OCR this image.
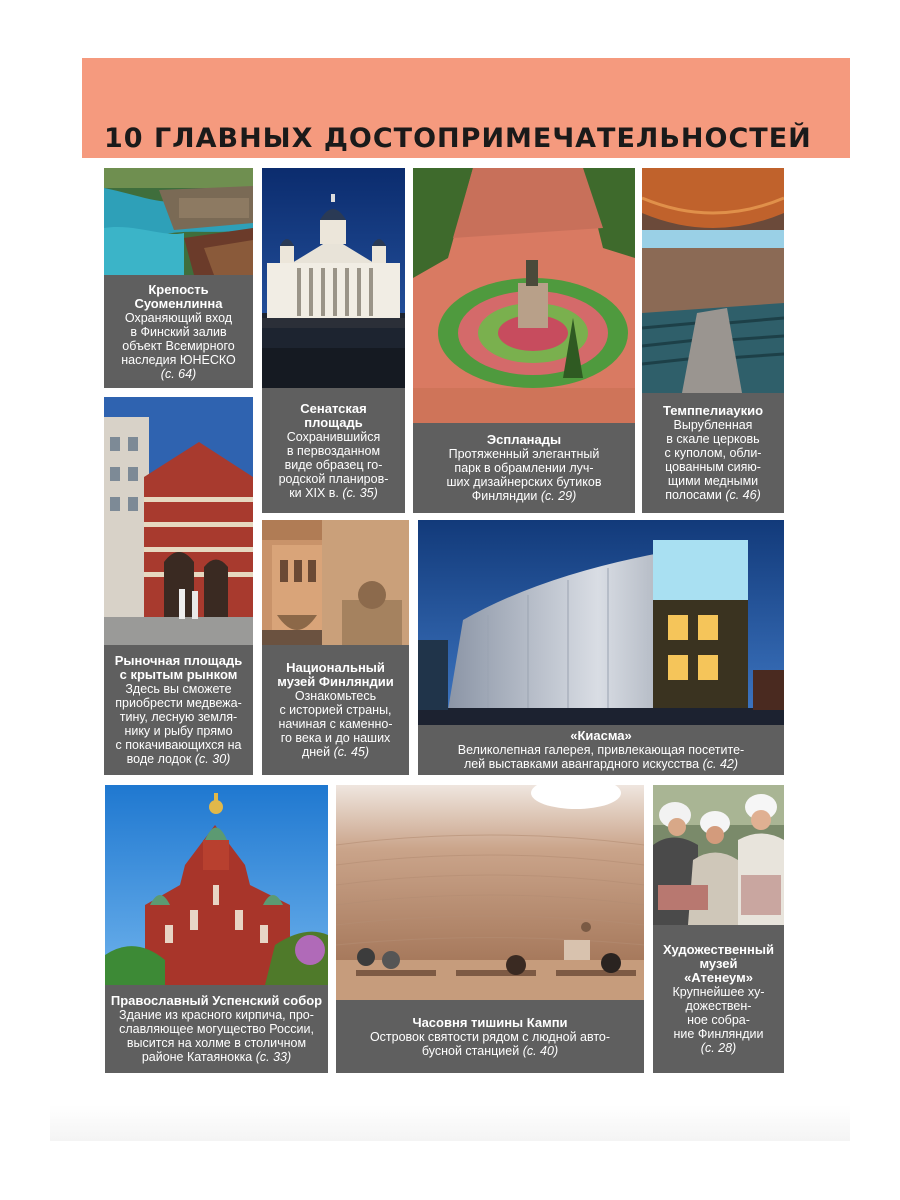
10 ГЛАВНЫХ ДОСТОПРИМЕЧАТЕЛЬНОСТЕЙ
Крепость
Суоменлинна
Охраняющий вход
в Финский залив
объект Всемирного
наследия ЮНЕСКО
(с. 64)
Сенатская
площадь
Сохранившийся
в первозданном
виде образец го-
родской планиров-
ки XIX в. (с. 35)
Эспланады
Протяженный элегантный
парк в обрамлении луч-
ших дизайнерских бутиков
Финляндии (с. 29)
Темппелиаукио
Вырубленная
в скале церковь
с куполом, обли-
цованным сияю-
щими медными
полосами (с. 46)
Рыночная площадь
с крытым рынком
Здесь вы сможете
приобрести медвежа-
тину, лесную земля-
нику и рыбу прямо
с покачивающихся на
воде лодок (с. 30)
Национальный
музей Финляндии
Ознакомьтесь
с историей страны,
начиная с каменно-
го века и до наших
дней (с. 45)
«Киасма»
Великолепная галерея, привлекающая посетите-
лей выставками авангардного искусства (с. 42)
Православный Успенский собор
Здание из красного кирпича, про-
славляющее могущество России,
высится на холме в столичном
районе Катаянокка (с. 33)
Часовня тишины Кампи
Островок святости рядом с людной авто-
бусной станцией (с. 40)
Художественный
музей
«Атенеум»
Крупнейшее ху-
дожествен-
ное собра-
ние Финляндии
(с. 28)
